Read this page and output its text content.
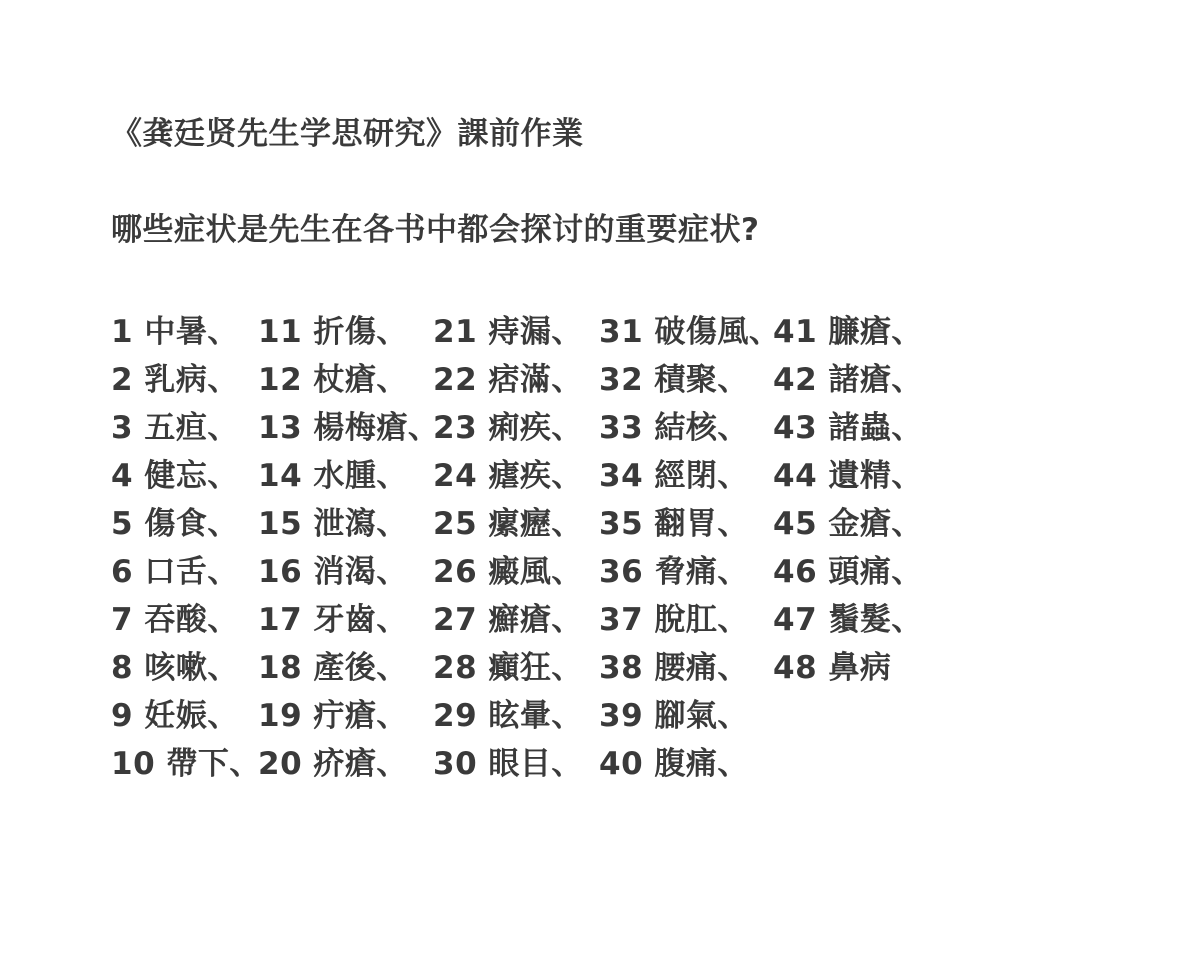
《龚廷贤先生学思研究》課前作業
哪些症状是先生在各书中都会探讨的重要症状?
1 中暑、
2 乳病、
3 五疸、
4 健忘、
5 傷食、
6 口舌、
7 吞酸、
8 咳嗽、
9 妊娠、
10 帶下、
11 折傷、
12 杖瘡、
13 楊梅瘡、
14 水腫、
15 泄瀉、
16 消渴、
17 牙齒、
18 產後、
19 疔瘡、
20 疥瘡、
21 痔漏、
22 痞滿、
23 痢疾、
24 瘧疾、
25 瘰癧、
26 癜風、
27 癬瘡、
28 癲狂、
29 眩暈、
30 眼目、
31 破傷風、
32 積聚、
33 結核、
34 經閉、
35 翻胃、
36 脅痛、
37 脫肛、
38 腰痛、
39 腳氣、
40 腹痛、
41 臁瘡、
42 諸瘡、
43 諸蟲、
44 遺精、
45 金瘡、
46 頭痛、
47 鬚髮、
48 鼻病
